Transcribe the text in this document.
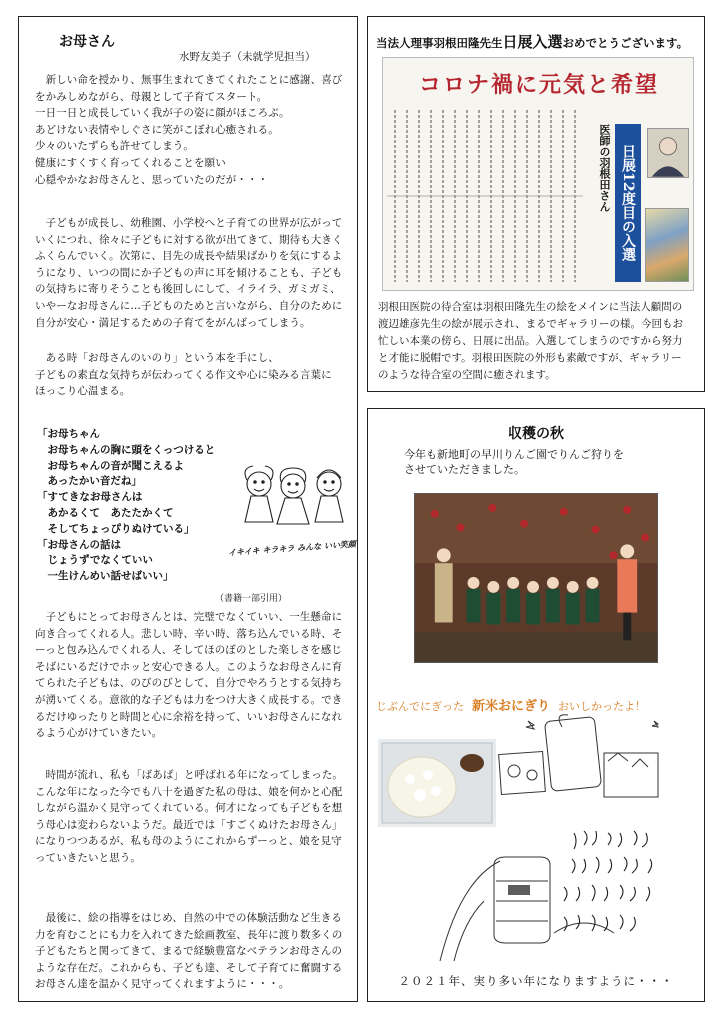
お母さん
水野友美子（未就学児担当）
　新しい命を授かり、無事生まれてきてくれたことに感謝、喜び
をかみしめながら、母親として子育てスタート。
一日一日と成長していく我が子の姿に顔がほころぶ。
あどけない表情やしぐさに笑がこぼれ心癒される。
少々のいたずらも許せてしまう。
健康にすくすく育ってくれることを願い
心穏やかなお母さんと、思っていたのだが・・・
　子どもが成長し、幼稚園、小学校へと子育ての世界が広がって
いくにつれ、徐々に子どもに対する欲が出てきて、期待も大きく
ふくらんでいく。次第に、目先の成長や結果ばかりを気にするよ
うになり、いつの間にか子どもの声に耳を傾けることも、子ども
の気持ちに寄りそうことも後回しにして、イライラ、ガミガミ、
いやーなお母さんに…子どものためと言いながら、自分のために
自分が安心・満足するための子育てをがんばってしまう。
　ある時「お母さんのいのり」という本を手にし、
子どもの素直な気持ちが伝わってくる作文や心に染みる言葉に
ほっこり心温まる。
「お母ちゃん
　お母ちゃんの胸に頭をくっつけると
　お母ちゃんの音が聞こえるよ
　あったかい音だね」
「すてきなお母さんは
　あかるくて　あたたかくて
　そしてちょっぴりぬけている」
「お母さんの話は
　じょうずでなくていい
　一生けんめい話せばいい」
イキイキ キラキラ みんな いい笑顔
（書籍一部引用）
　子どもにとってお母さんとは、完璧でなくていい、一生懸命に
向き合ってくれる人。悲しい時、辛い時、落ち込んでいる時、そ
ーっと包み込んでくれる人、そしてほのぼのとした楽しさを感じ
そばにいるだけでホッと安心できる人。このようなお母さんに育
てられた子どもは、のびのびとして、自分でやろうとする気持ち
が湧いてくる。意欲的な子どもは力をつけ大きく成長する。でき
るだけゆったりと時間と心に余裕を持って、いいお母さんになれ
るよう心がけていきたい。
　時間が流れ、私も「ばあば」と呼ばれる年になってしまった。
こんな年になった今でも八十を過ぎた私の母は、娘を何かと心配
しながら温かく見守ってくれている。何才になっても子どもを想
う母心は変わらないようだ。最近では「すごくぬけたお母さん」
になりつつあるが、私も母のようにこれからずーっと、娘を見守
っていきたいと思う。
　最後に、絵の指導をはじめ、自然の中での体験活動など生きる
力を育むことにも力を入れてきた絵画教室、長年に渡り数多くの
子どもたちと関ってきて、まるで経験豊富なベテランお母さんの
ような存在だ。これからも、子ども達、そして子育てに奮闘する
お母さん達を温かく見守ってくれますように・・・。
当法人理事羽根田隆先生日展入選おめでとうございます。
コロナ禍に元気と希望
医師の羽根田さん 日展12度目の入選
羽根田医院の待合室は羽根田隆先生の絵をメインに当法人顧問の
渡辺雄彦先生の絵が展示され、まるでギャラリーの様。今回もお
忙しい本業の傍ら、日展に出品。入選してしまうのですから努力
と才能に脱帽です。羽根田医院の外形も素敵ですが、ギャラリー
のような待合室の空間に癒されます。
収穫の秋
今年も新地町の早川りんご園でりんご狩りを
させていただきました。
じぶんでにぎった 新米おにぎり おいしかったよ！
２０２１年、実り多い年になりますように・・・
